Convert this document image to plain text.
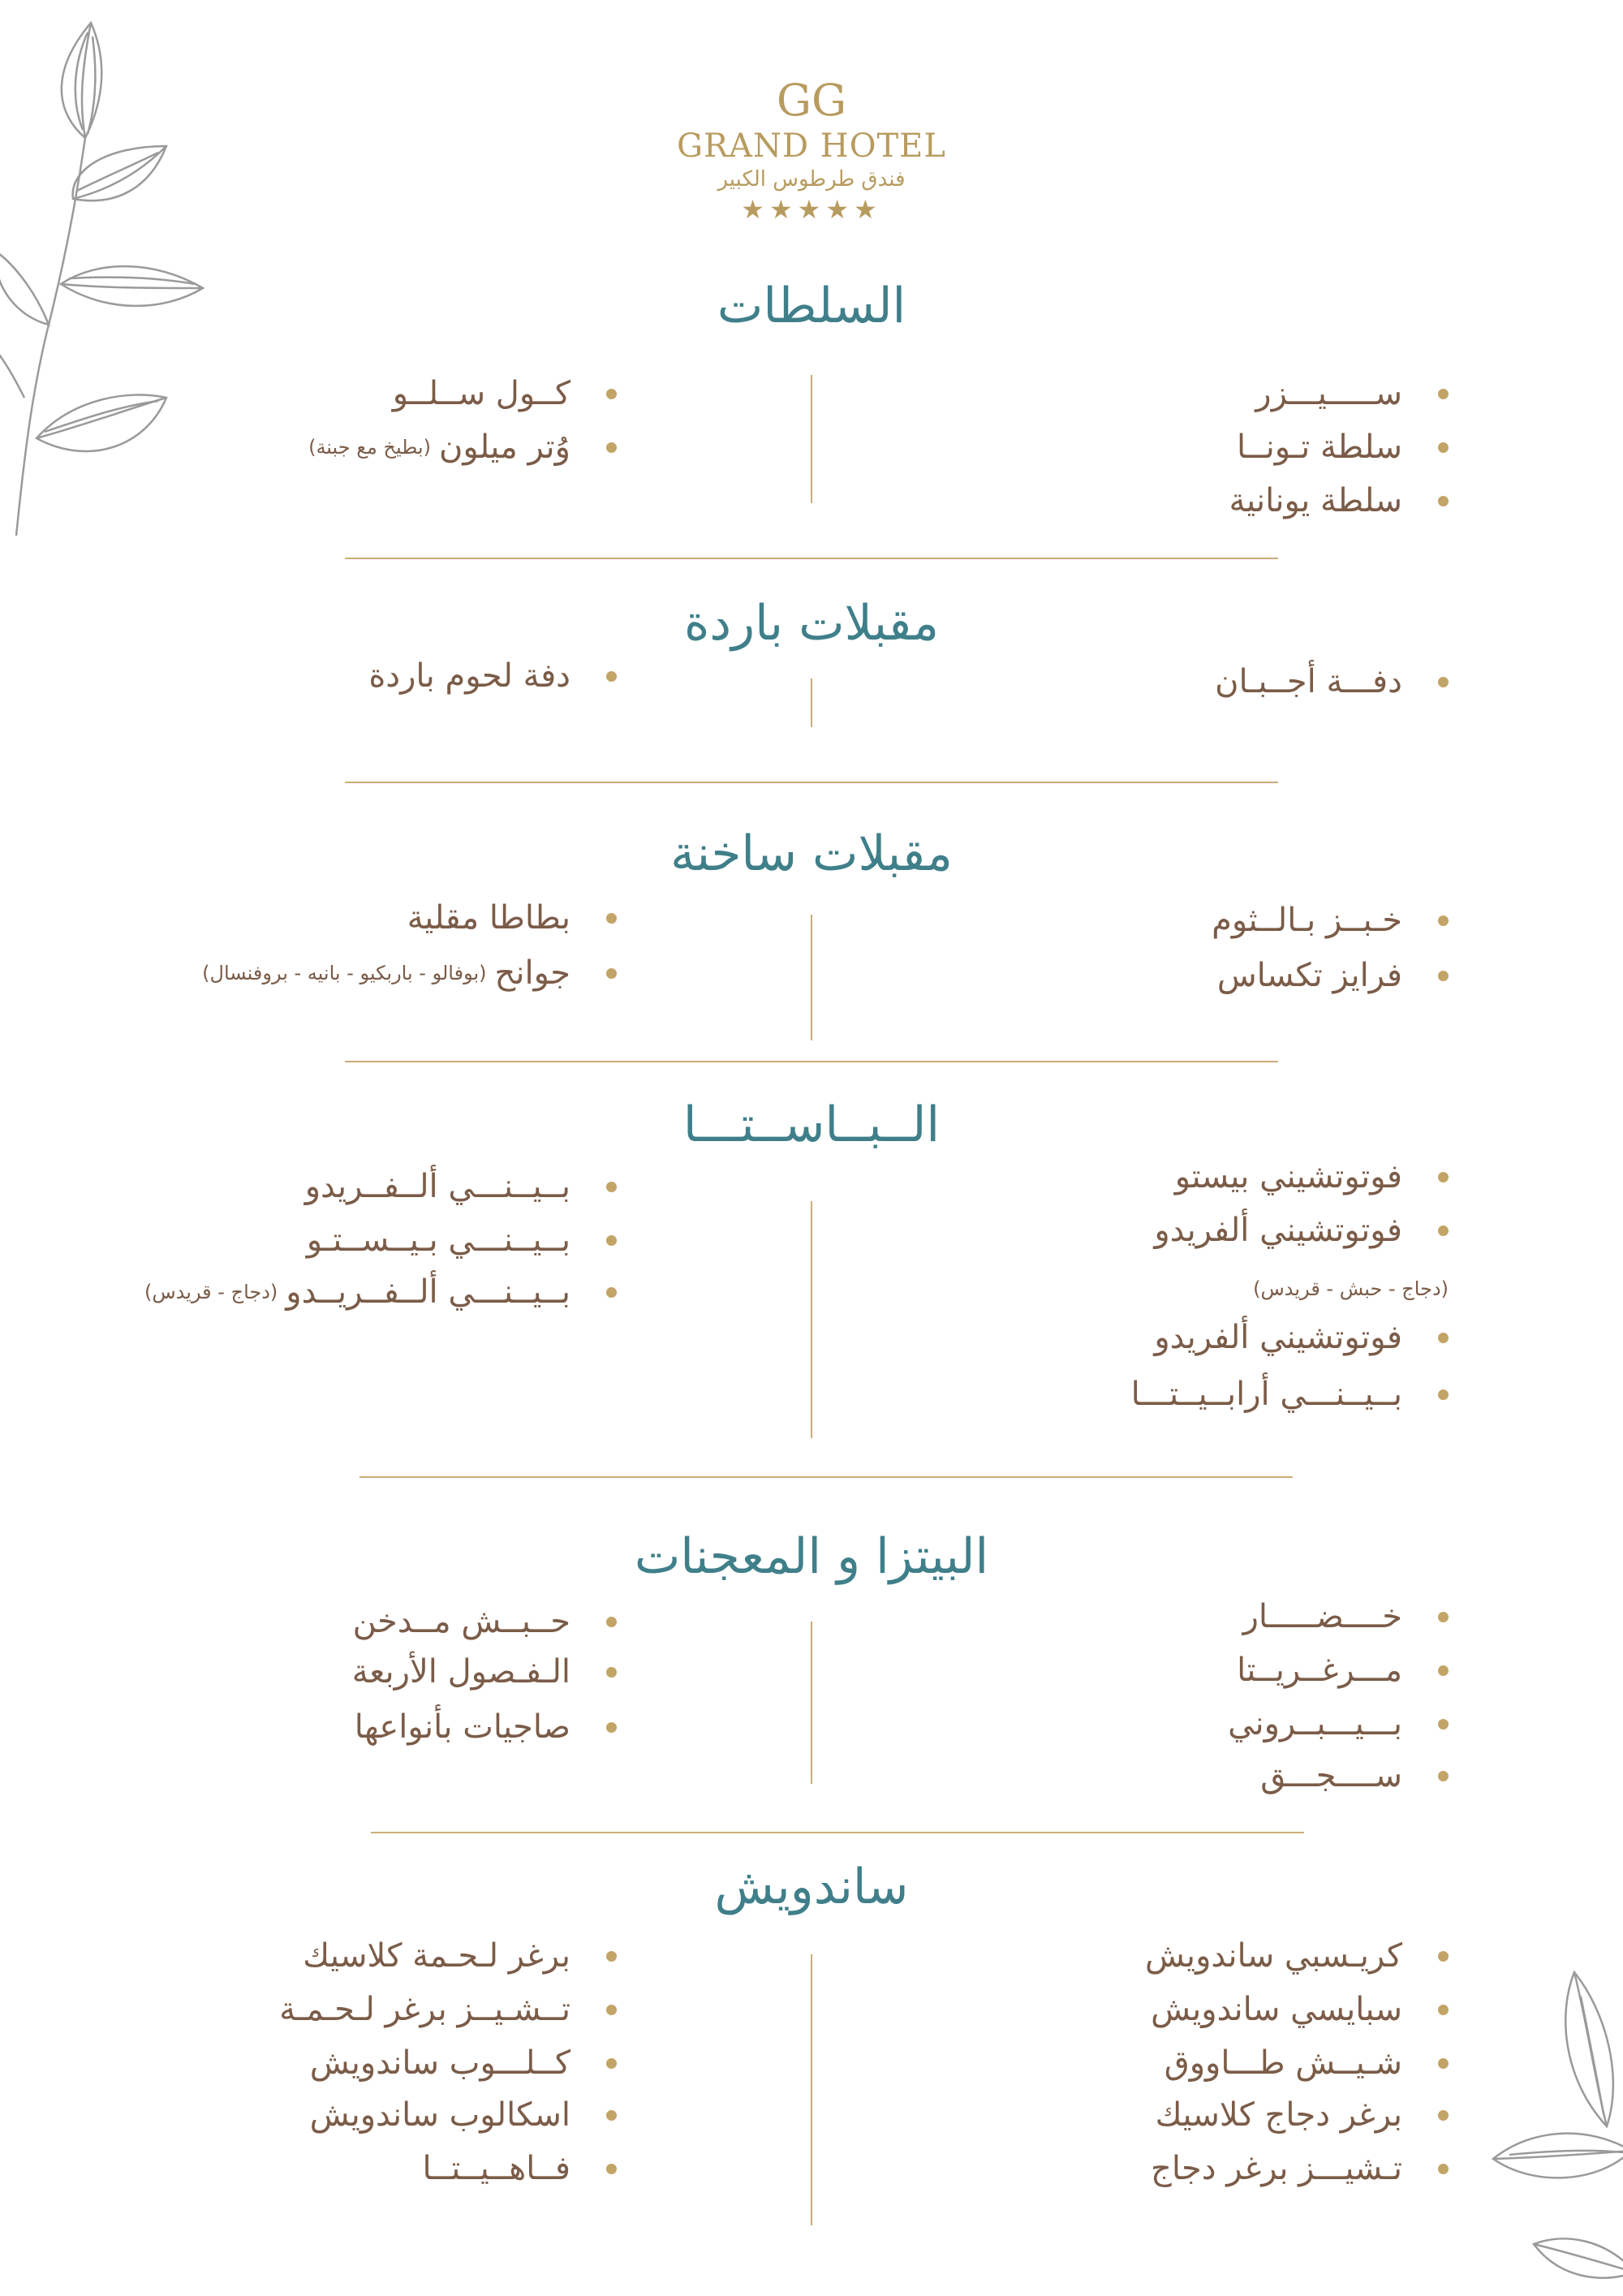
GG
GRAND HOTEL
فندق طرطوس الكبير
★★★★★
السلطات
ســـــيـــزر
سلطة تـونــا
سلطة يونانية
كــول ســلــو
وُتر ميلون
(بطيخ مع جبنة)
مقبلات باردة
دفـــة أجــبـان
دفة لحوم باردة
مقبلات ساخنة
خـبــز بـالــثوم
فرايز تكساس
بطاطا مقلية
جوانح
(بوفالو - باربكيو - بانيه - بروفنسال)
الــبــاســتـــا
فوتوتشيني بيستو
فوتوتشيني ألفريدو
(دجاج - حبش - قريدس)
فوتوتشيني ألفريدو
بــيــنـــي أرابــيــتـــا
بــيــنـــي ألــفــريدو
بــيــنـــي بـيــســتـو
بــيــنـــي ألــفــريــدو
(دجاج - قريدس)
البيتزا و المعجنات
خــــضـــــار
مـــرغــريــتا
بـــيـــبــروني
ســــجـــق
حــبــش مــدخن
الـفـصول الأربعة
صاجيات بأنواعها
ساندويش
كريـسبي ساندويش
سبايسي ساندويش
شـيــش طـــاووق
برغر دجاج كلاسيك
تـشيـــز برغر دجاج
برغر لـحـمة كلاسيك
تــشـيــز برغر لـحـمـة
كــلـــوب ساندويش
اسكالوب ساندويش
فــاهــيــتــا
